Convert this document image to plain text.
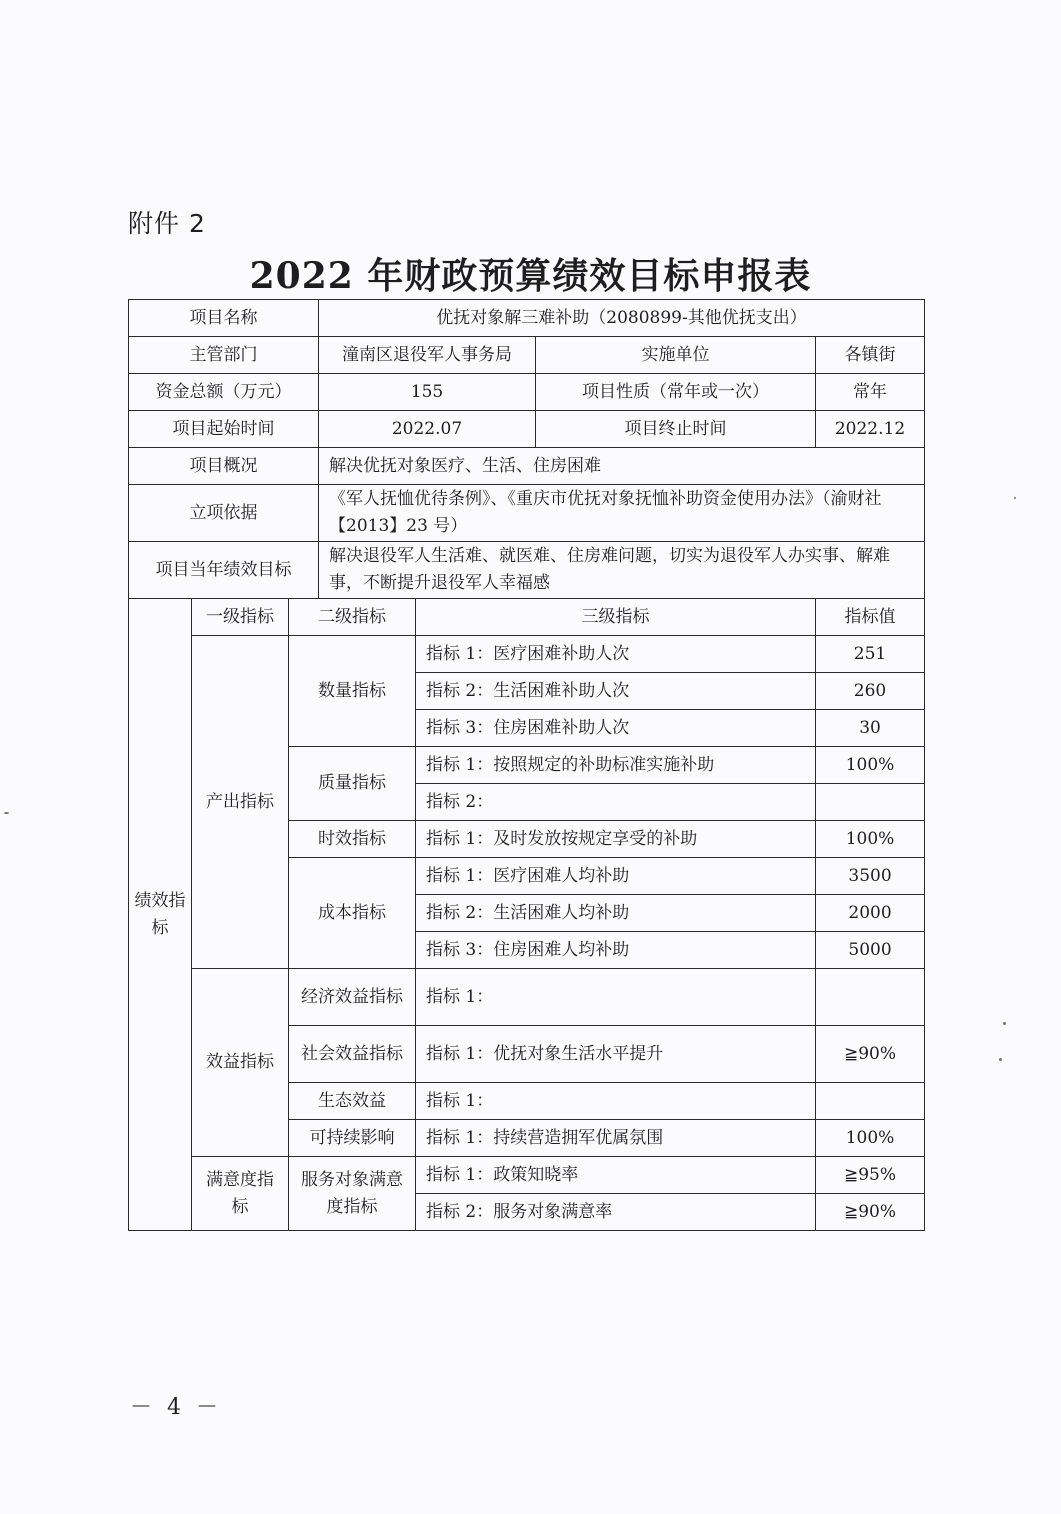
附件 2
2022 年财政预算绩效目标申报表
项目名称			优抚对象解三难补助（2080899-其他优抚支出）			
主管部门			潼南区退役军人事务局		实施单位	各镇街
资金总额（万元）			155		项目性质（常年或一次）	常年
项目起始时间			2022.07		项目终止时间	2022.12
项目概况			解决优抚对象医疗、生活、住房困难			
立项依据			《军人抚恤优待条例》、《重庆市优抚对象抚恤补助资金使用办法》（渝财社【2013】23 号）			
项目当年绩效目标			解决退役军人生活难、就医难、住房难问题，切实为退役军人办实事、解难事，不断提升退役军人幸福感			
绩效指标	一级指标	二级指标		三级指标		指标值
	产出指标	数量指标		指标 1：医疗困难补助人次		251
				指标 2：生活困难补助人次		260
				指标 3：住房困难补助人次		30
		质量指标		指标 1：按照规定的补助标准实施补助		100%
				指标 2：		
		时效指标		指标 1：及时发放按规定享受的补助		100%
		成本指标		指标 1：医疗困难人均补助		3500
				指标 2：生活困难人均补助		2000
				指标 3：住房困难人均补助		5000
	效益指标	经济效益指标		指标 1：		
		社会效益指标		指标 1：优抚对象生活水平提升		≧90%
		生态效益		指标 1：		
		可持续影响		指标 1：持续营造拥军优属氛围		100%
	满意度指标	服务对象满意度指标		指标 1：政策知晓率		≧95%
				指标 2：服务对象满意率		≧90%
－ 4 －
